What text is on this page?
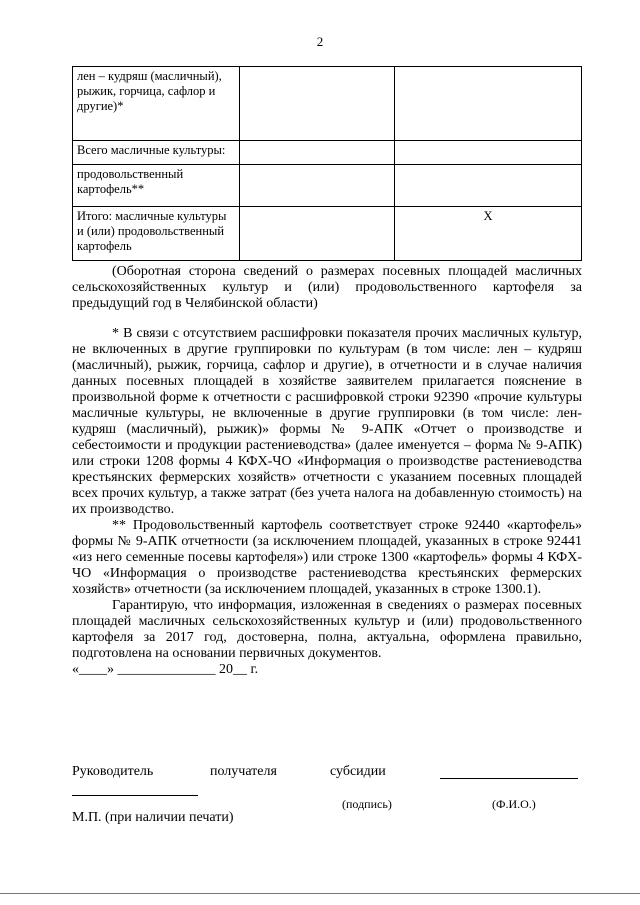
2
лен – кудряш (масличный), рыжик, горчица, сафлор и другие)*		
Всего масличные культуры:		
продовольственный картофель**		
Итого: масличные культуры и (или) продовольственный картофель		Х

(Оборотная сторона сведений о размерах посевных площадей масличных сельскохозяйственных культур и (или) продовольственного картофеля за предыдущий год в Челябинской области)

* В связи с отсутствием расшифровки показателя прочих масличных культур, не включенных в другие группировки по культурам (в том числе: лен – кудряш (масличный), рыжик, горчица, сафлор и другие), в отчетности и в случае наличия данных посевных площадей в хозяйстве заявителем прилагается пояснение в произвольной форме к отчетности с расшифровкой строки 92390 «прочие культуры масличные культуры, не включенные в другие группировки (в том числе: лен-кудряш (масличный), рыжик)» формы № 9-АПК «Отчет о производстве и себестоимости и продукции растениеводства» (далее именуется – форма № 9-АПК) или строки 1208 формы 4 КФХ-ЧО «Информация о производстве растениеводства крестьянских фермерских хозяйств» отчетности с указанием посевных площадей всех прочих культур, а также затрат (без учета налога на добавленную стоимость) на их производство.

** Продовольственный картофель соответствует строке 92440 «картофель» формы № 9-АПК отчетности (за исключением площадей, указанных в строке 92441 «из него семенные посевы картофеля») или строке 1300 «картофель» формы 4 КФХ-ЧО «Информация о производстве растениеводства крестьянских фермерских хозяйств» отчетности (за исключением площадей, указанных в строке 1300.1).

Гарантирую, что информация, изложенная в сведениях о размерах посевных площадей масличных сельскохозяйственных культур и (или) продовольственного картофеля за 2017 год, достоверна, полна, актуальна, оформлена правильно, подготовлена на основании первичных документов.

«____» ______________ 20__ г.

Руководитель	получателя	субсидии
(подпись)	(Ф.И.О.)
М.П. (при наличии печати)
